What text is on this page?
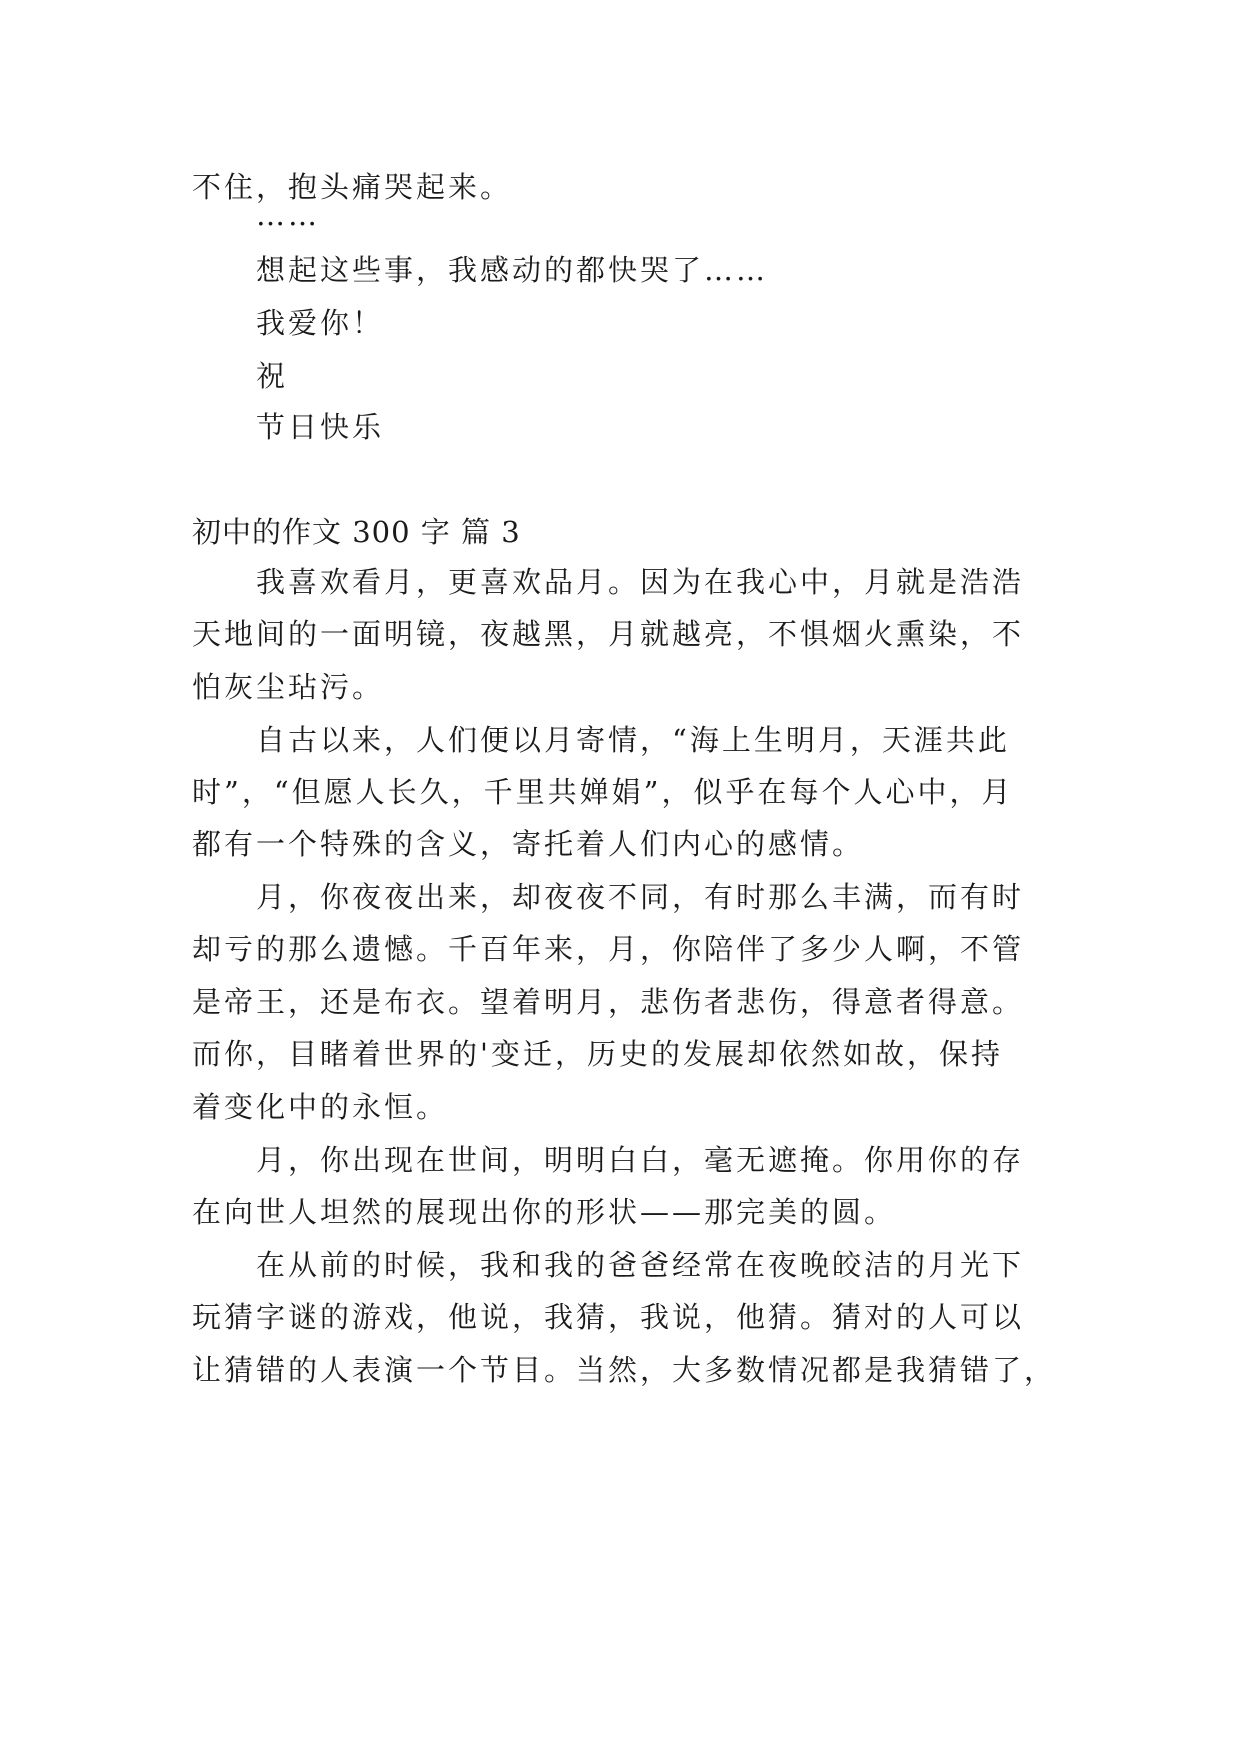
不住，抱头痛哭起来。
……
想起这些事，我感动的都快哭了……
我爱你！
祝
节日快乐
初中的作文 300 字 篇 3
我喜欢看月，更喜欢品月。因为在我心中，月就是浩浩
天地间的一面明镜，夜越黑，月就越亮，不惧烟火熏染，不
怕灰尘玷污。
自古以来，人们便以月寄情，“海上生明月，天涯共此
时”，“但愿人长久，千里共婵娟”，似乎在每个人心中，月
都有一个特殊的含义，寄托着人们内心的感情。
月，你夜夜出来，却夜夜不同，有时那么丰满，而有时
却亏的那么遗憾。千百年来，月，你陪伴了多少人啊，不管
是帝王，还是布衣。望着明月，悲伤者悲伤，得意者得意。
而你，目睹着世界的'变迁，历史的发展却依然如故，保持
着变化中的永恒。
月，你出现在世间，明明白白，毫无遮掩。你用你的存
在向世人坦然的展现出你的形状——那完美的圆。
在从前的时候，我和我的爸爸经常在夜晚皎洁的月光下
玩猜字谜的游戏，他说，我猜，我说，他猜。猜对的人可以
让猜错的人表演一个节目。当然，大多数情况都是我猜错了，
